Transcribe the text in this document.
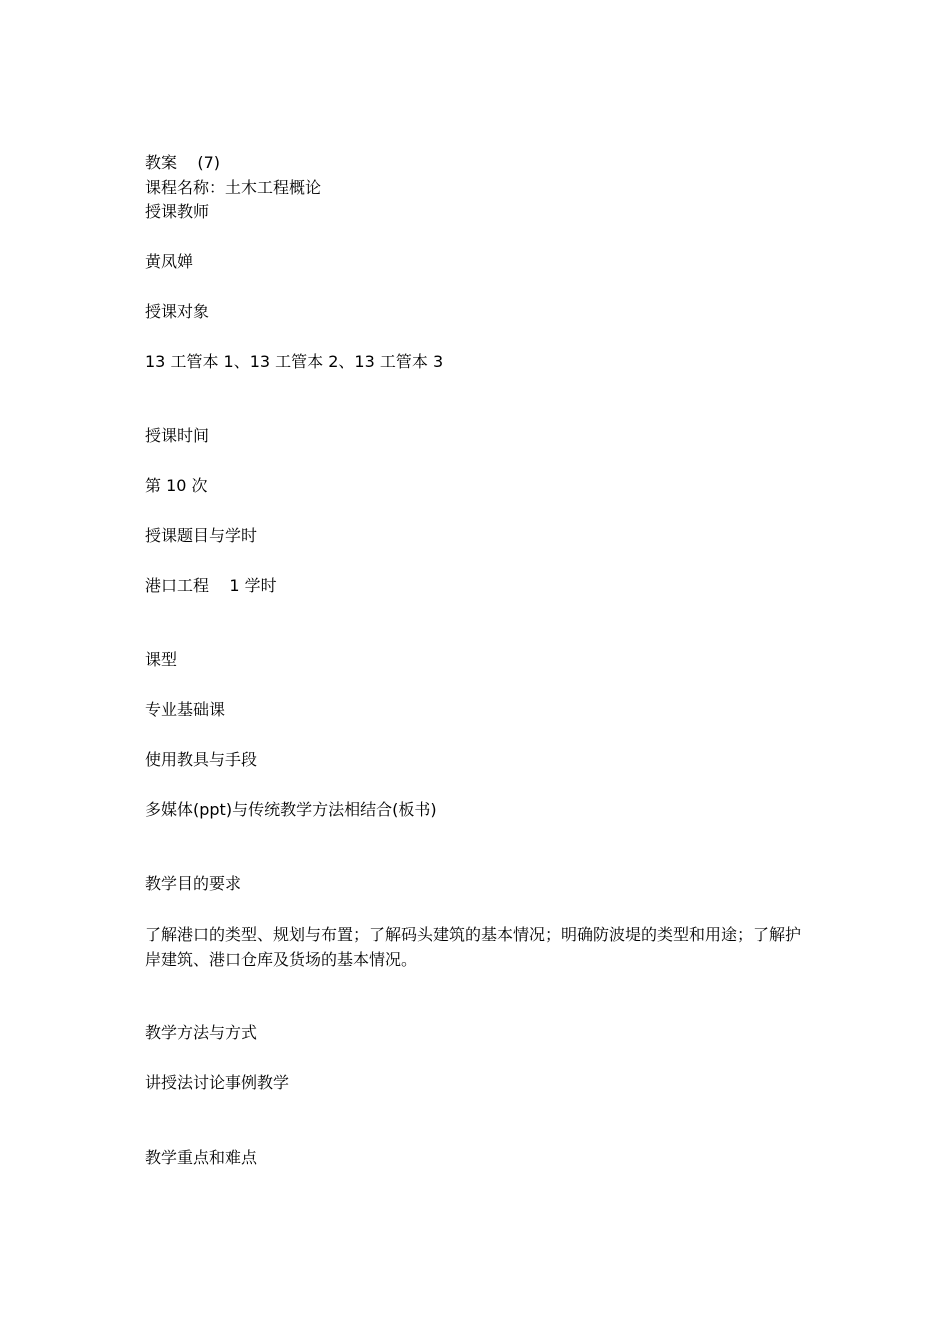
教案    (7)
课程名称：土木工程概论
授课教师
黄凤婵
授课对象
13 工管本 1、13 工管本 2、13 工管本 3
授课时间
第 10 次
授课题目与学时
港口工程    1 学时
课型
专业基础课
使用教具与手段
多媒体(ppt)与传统教学方法相结合(板书)
教学目的要求
了解港口的类型、规划与布置；了解码头建筑的基本情况；明确防波堤的类型和用途；了解护岸建筑、港口仓库及货场的基本情况。
教学方法与方式
讲授法讨论事例教学
教学重点和难点
